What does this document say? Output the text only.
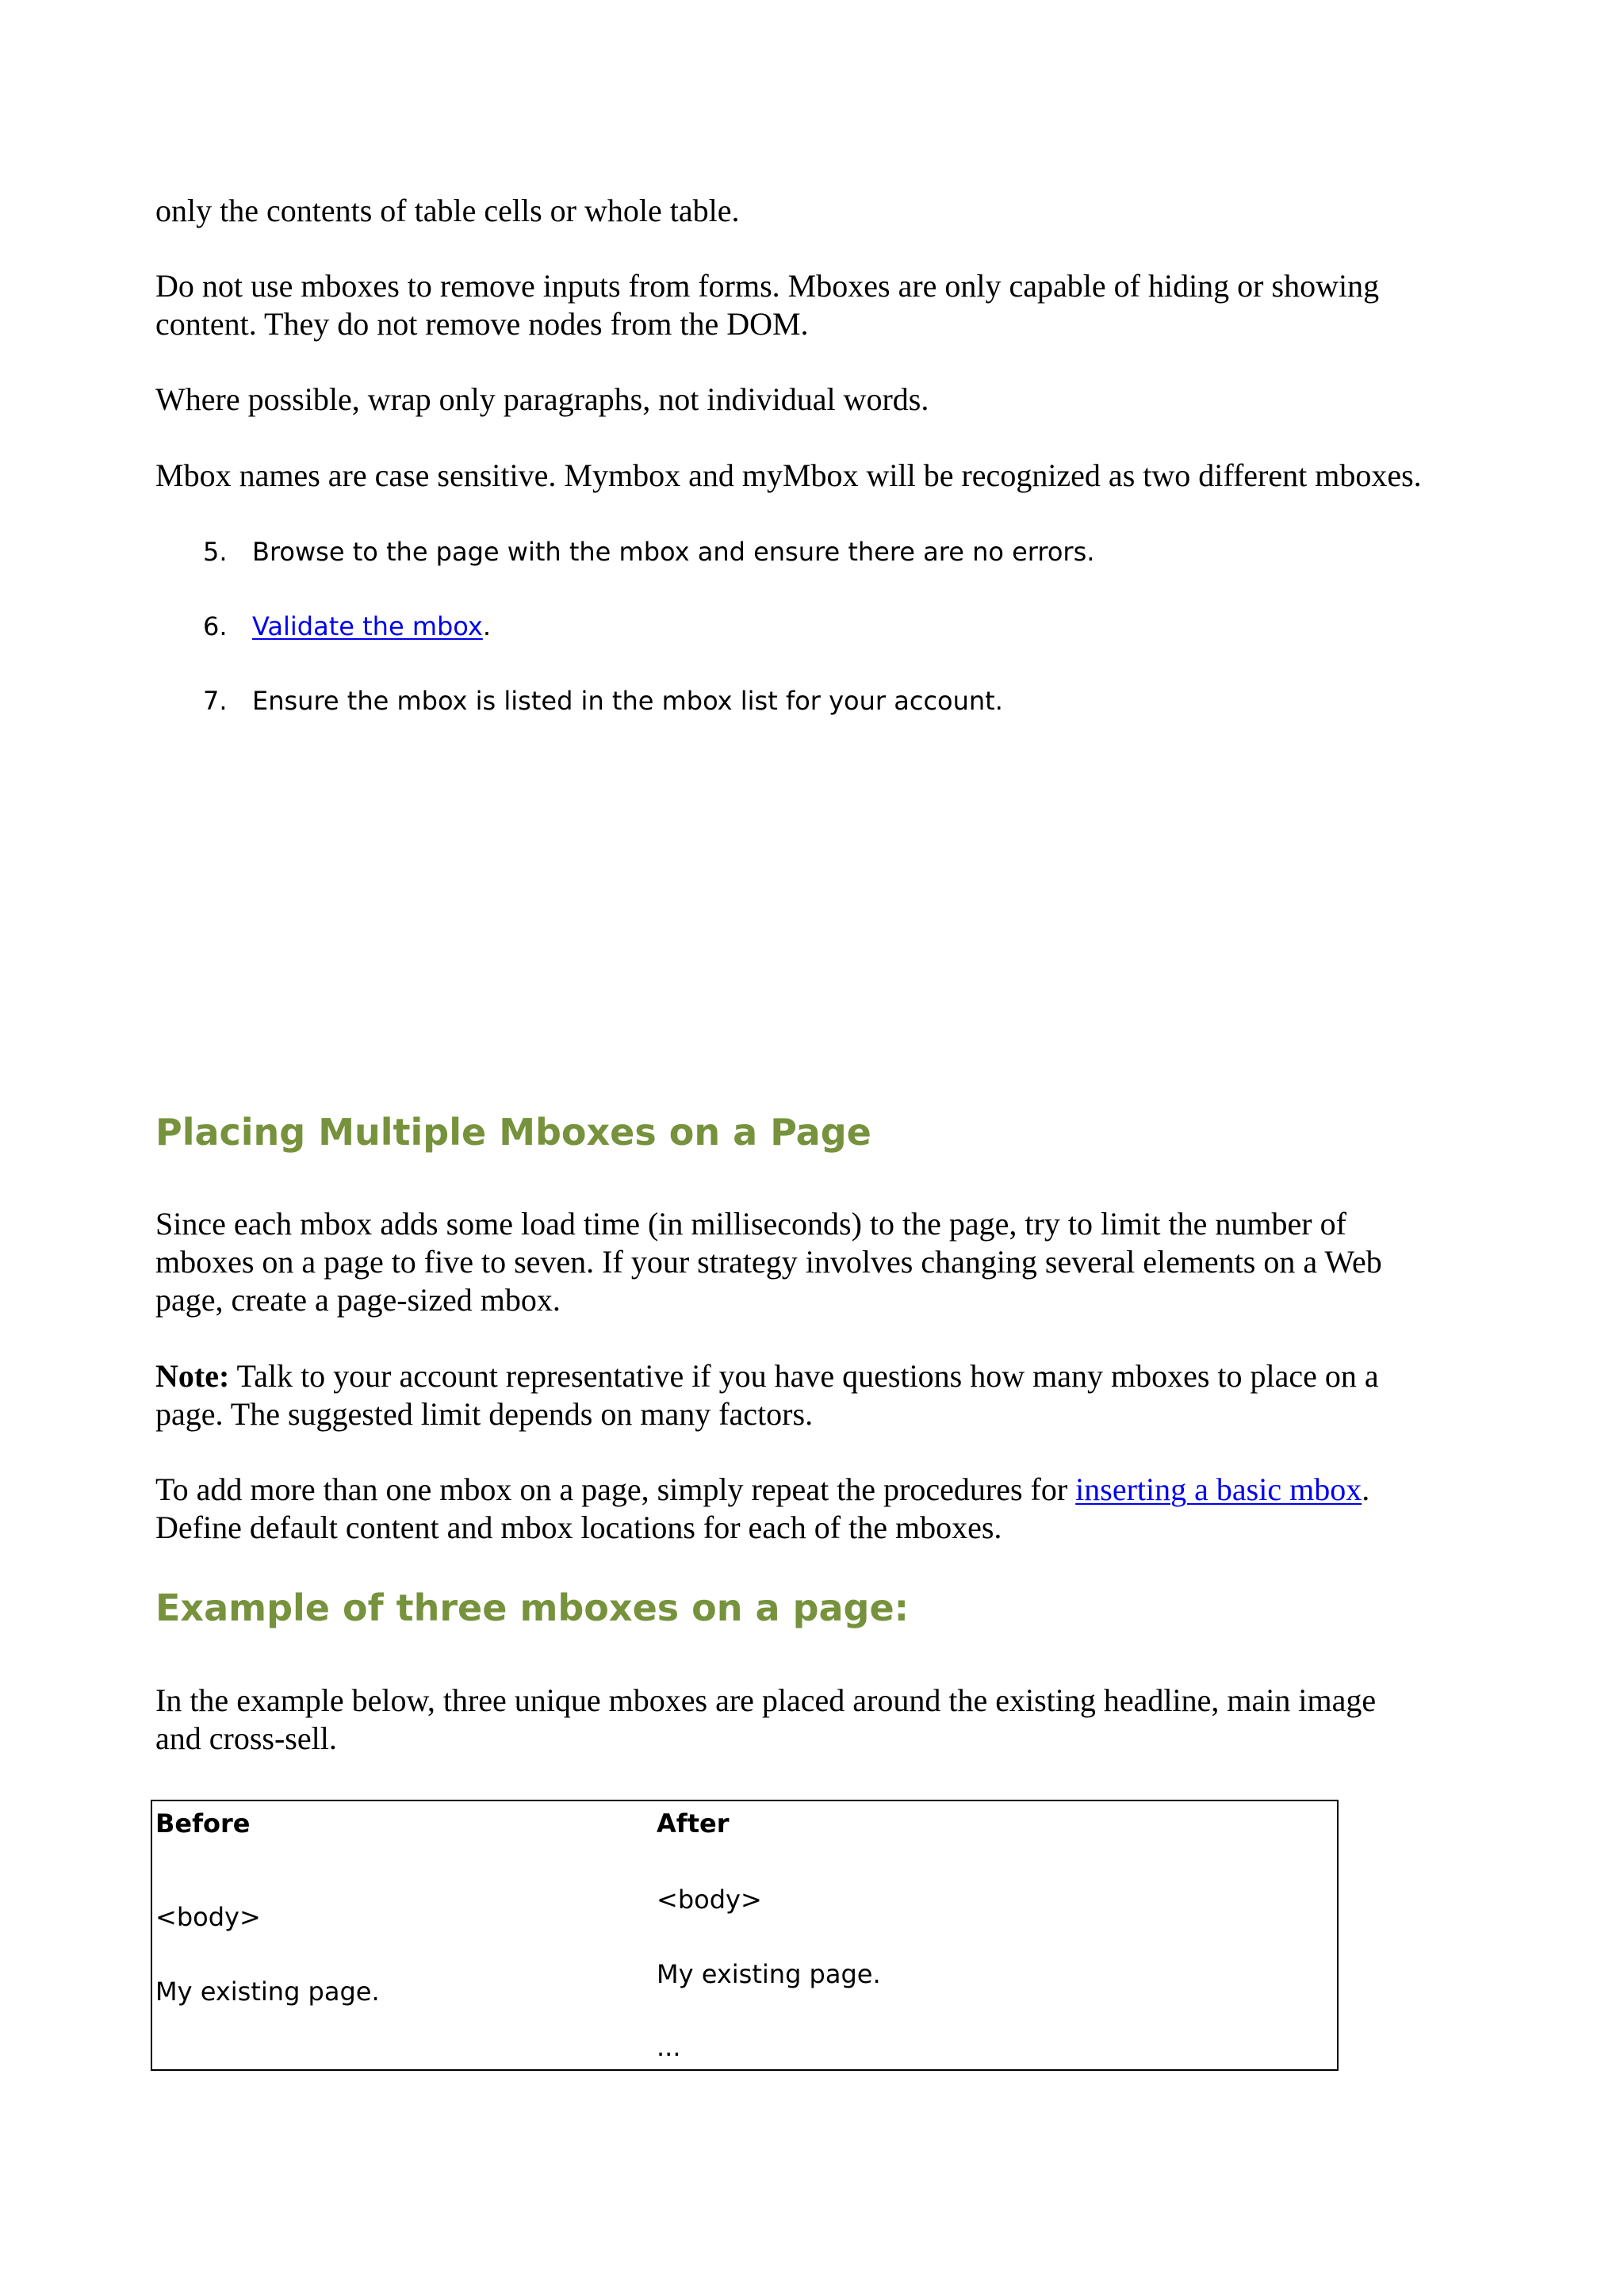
only the contents of table cells or whole table.

Do not use mboxes to remove inputs from forms. Mboxes are only capable of hiding or showing
content. They do not remove nodes from the DOM.

Where possible, wrap only paragraphs, not individual words.

Mbox names are case sensitive. Mymbox and myMbox will be recognized as two different mboxes.

5. Browse to the page with the mbox and ensure there are no errors.
6. Validate the mbox.
7. Ensure the mbox is listed in the mbox list for your account.
Placing Multiple Mboxes on a Page
Since each mbox adds some load time (in milliseconds) to the page, try to limit the number of
mboxes on a page to five to seven. If your strategy involves changing several elements on a Web
page, create a page-sized mbox.
Note: Talk to your account representative if you have questions how many mboxes to place on a
page. The suggested limit depends on many factors.
To add more than one mbox on a page, simply repeat the procedures for inserting a basic mbox.
Define default content and mbox locations for each of the mboxes.
Example of three mboxes on a page:
In the example below, three unique mboxes are placed around the existing headline, main image
and cross-sell.
Before	After
<body>
My existing page.
<body>
My existing page.
...
